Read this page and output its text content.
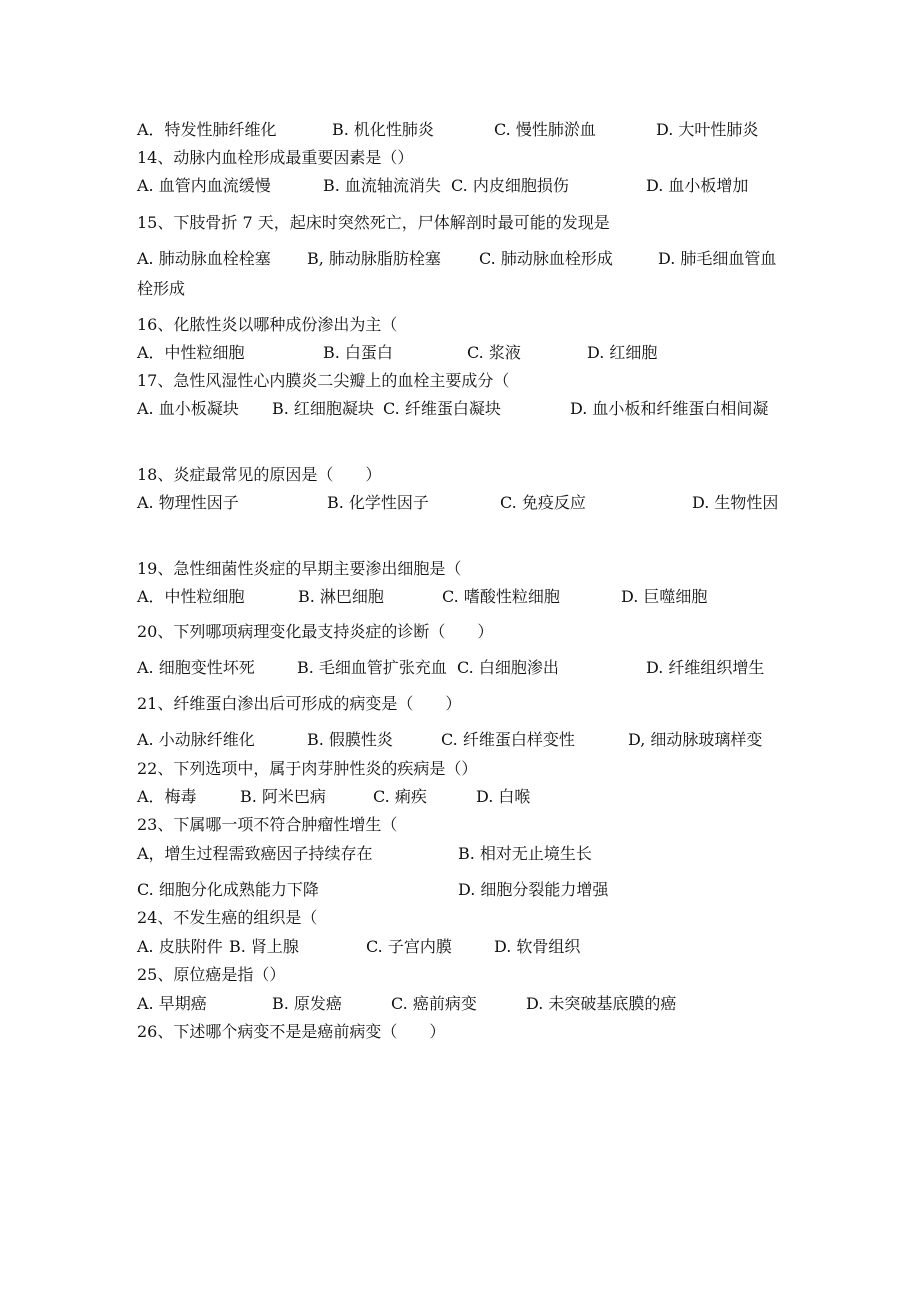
A．特发性肺纤维化	B. 机化性肺炎	C. 慢性肺淤血	D. 大叶性肺炎
14、动脉内血栓形成最重要因素是（）
A. 血管内血流缓慢	B. 血流轴流消失 C. 内皮细胞损伤	D. 血小板增加
15、下肢骨折 7 天，起床时突然死亡，尸体解剖时最可能的发现是
A. 肺动脉血栓栓塞 B, 肺动脉脂肪栓塞 C. 肺动脉血栓形成	D. 肺毛细血管血
栓形成
16、化脓性炎以哪种成份渗出为主（
A．中性粒细胞	B. 白蛋白	C. 浆液	D. 红细胞
17、急性风湿性心内膜炎二尖瓣上的血栓主要成分（
A. 血小板凝块 B. 红细胞凝块 C. 纤维蛋白凝块	D. 血小板和纤维蛋白相间凝
18、炎症最常见的原因是（　　）
A. 物理性因子	B. 化学性因子	C. 免疫反应	D. 生物性因
19、急性细菌性炎症的早期主要渗出细胞是（
A．中性粒细胞	B. 淋巴细胞	C. 嗜酸性粒细胞	D. 巨噬细胞
20、下列哪项病理变化最支持炎症的诊断（　　）
A. 细胞变性坏死	B. 毛细血管扩张充血 C. 白细胞渗出	D. 纤维组织增生
21、纤维蛋白渗出后可形成的病变是（　　）
A. 小动脉纤维化	B. 假膜性炎	C. 纤维蛋白样变性	D, 细动脉玻璃样变
22、下列选项中，属于肉芽肿性炎的疾病是（）
A．梅毒	B. 阿米巴病	C. 痢疾	D. 白喉
23、下属哪一项不符合肿瘤性增生（
A，增生过程需致癌因子持续存在	B. 相对无止境生长
C. 细胞分化成熟能力下降	D. 细胞分裂能力增强
24、不发生癌的组织是（
A. 皮肤附件 B. 肾上腺	C. 子宫内膜	D. 软骨组织
25、原位癌是指（）
A. 早期癌	B. 原发癌	C. 癌前病变	D. 未突破基底膜的癌
26、下述哪个病变不是是癌前病变（　　）
